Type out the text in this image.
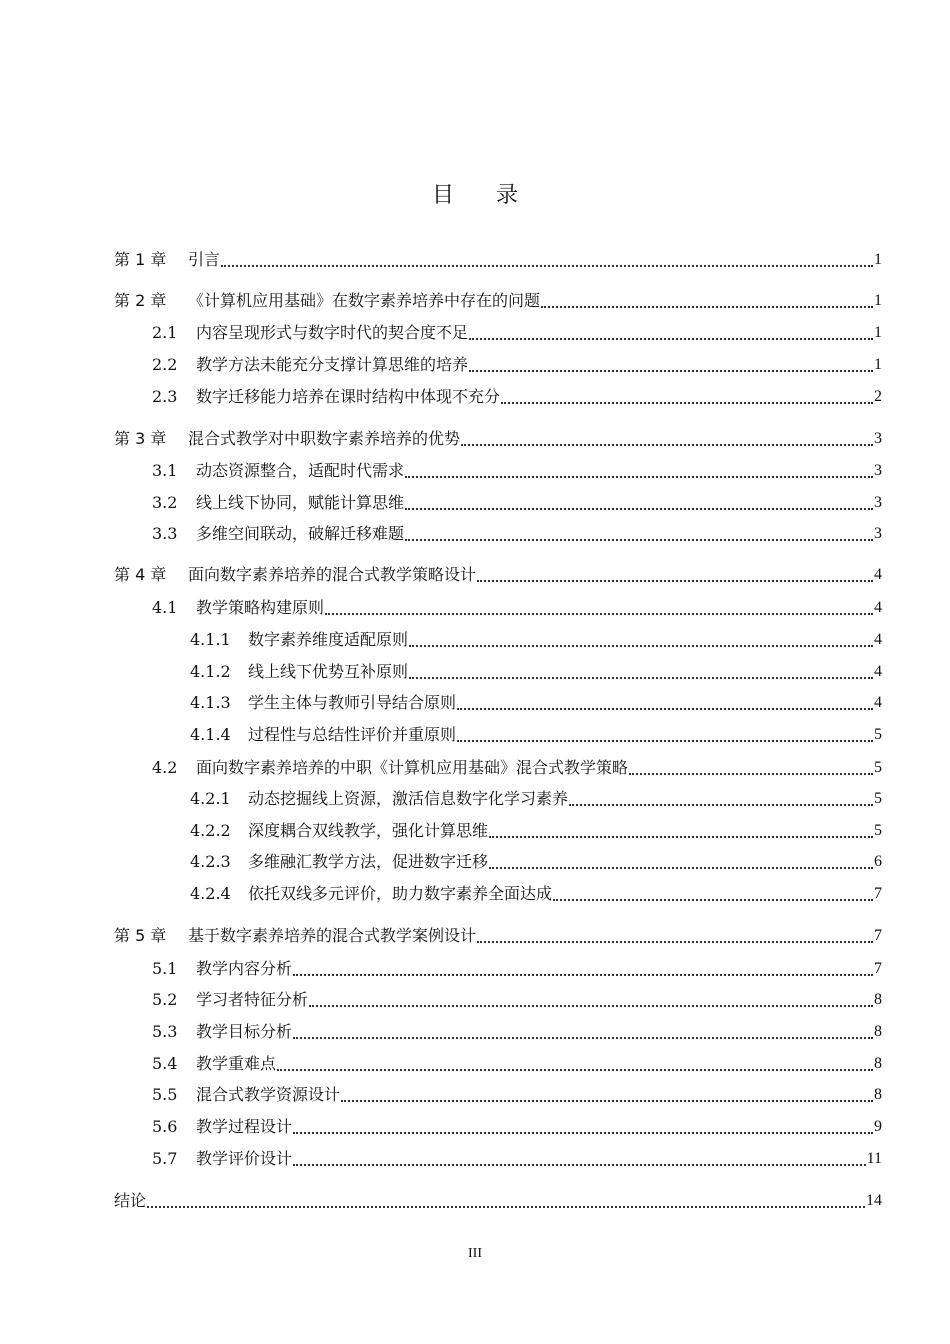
目录
第 1 章	引言	1
第 2 章	《计算机应用基础》在数字素养培养中存在的问题	1
2.1	内容呈现形式与数字时代的契合度不足	1
2.2	教学方法未能充分支撑计算思维的培养	1
2.3	数字迁移能力培养在课时结构中体现不充分	2
第 3 章	混合式教学对中职数字素养培养的优势	3
3.1	动态资源整合，适配时代需求	3
3.2	线上线下协同，赋能计算思维	3
3.3	多维空间联动，破解迁移难题	3
第 4 章	面向数字素养培养的混合式教学策略设计	4
4.1	教学策略构建原则	4
4.1.1	数字素养维度适配原则	4
4.1.2	线上线下优势互补原则	4
4.1.3	学生主体与教师引导结合原则	4
4.1.4	过程性与总结性评价并重原则	5
4.2	面向数字素养培养的中职《计算机应用基础》混合式教学策略	5
4.2.1	动态挖掘线上资源，激活信息数字化学习素养	5
4.2.2	深度耦合双线教学，强化计算思维	5
4.2.3	多维融汇教学方法，促进数字迁移	6
4.2.4	依托双线多元评价，助力数字素养全面达成	7
第 5 章	基于数字素养培养的混合式教学案例设计	7
5.1	教学内容分析	7
5.2	学习者特征分析	8
5.3	教学目标分析	8
5.4	教学重难点	8
5.5	混合式教学资源设计	8
5.6	教学过程设计	9
5.7	教学评价设计	11
结论	14
III
